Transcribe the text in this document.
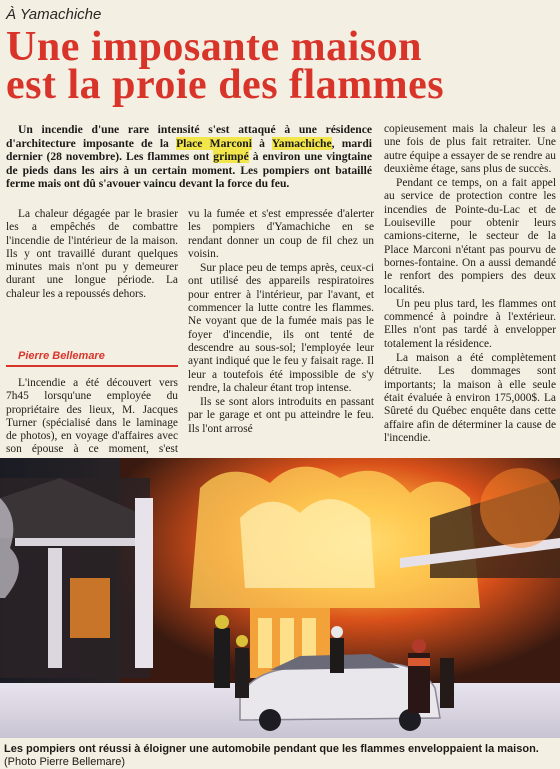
À Yamachiche
Une imposante maison
est la proie des flammes
Un incendie d'une rare intensité s'est attaqué à une résidence d'architecture imposante de la Place Marconi à Yamachiche, mardi dernier (28 novembre). Les flammes ont grimpé à environ une vingtaine de pieds dans les airs à un certain moment. Les pompiers ont bataillé ferme mais ont dû s'avouer vaincu devant la force du feu.

La chaleur dégagée par le brasier les a empêchés de combattre l'incendie de l'intérieur de la maison. Ils y ont travaillé durant quelques minutes mais n'ont pu y demeurer durant une longue période. La chaleur les a repoussés dehors.

Pierre Bellemare

L'incendie a été découvert vers 7h45 lorsqu'une employée du propriétaire des lieux, M. Jacques Turner (spécialisé dans le laminage de photos), en voyage d'affaires avec son épouse à ce moment, s'est

vu la fumée et s'est empressée d'alerter les pompiers d'Yamachiche en se rendant donner un coup de fil chez un voisin.

Sur place peu de temps après, ceux-ci ont utilisé des appareils respiratoires pour entrer à l'intérieur, par l'avant, et commencer la lutte contre les flammes. Ne voyant que de la fumée mais pas le foyer d'incendie, ils ont tenté de descendre au sous-sol; l'employée leur ayant indiqué que le feu y faisait rage. Il leur a toutefois été impossible de s'y rendre, la chaleur étant trop intense.

Ils se sont alors introduits en passant par le garage et ont pu atteindre le feu. Ils l'ont arrosé

copieusement mais la chaleur les a une fois de plus fait retraiter. Une autre équipe a essayer de se rendre au deuxième étage, sans plus de succès.

Pendant ce temps, on a fait appel au service de protection contre les incendies de Pointe-du-Lac et de Louiseville pour obtenir leurs camions-citerne, le secteur de la Place Marconi n'étant pas pourvu de bornes-fontaine. On a aussi demandé le renfort des pompiers des deux localités.

Un peu plus tard, les flammes ont commencé à poindre à l'extérieur. Elles n'ont pas tardé à envelopper totalement la résidence.

La maison a été complètement détruite. Les dommages sont importants; la maison à elle seule était évaluée à environ 175,000$. La Sûreté du Québec enquête dans cette affaire afin de déterminer la cause de l'incendie.

Les pompiers ont réussi à éloigner une automobile pendant que les flammes enveloppaient la maison. (Photo Pierre Bellemare)
